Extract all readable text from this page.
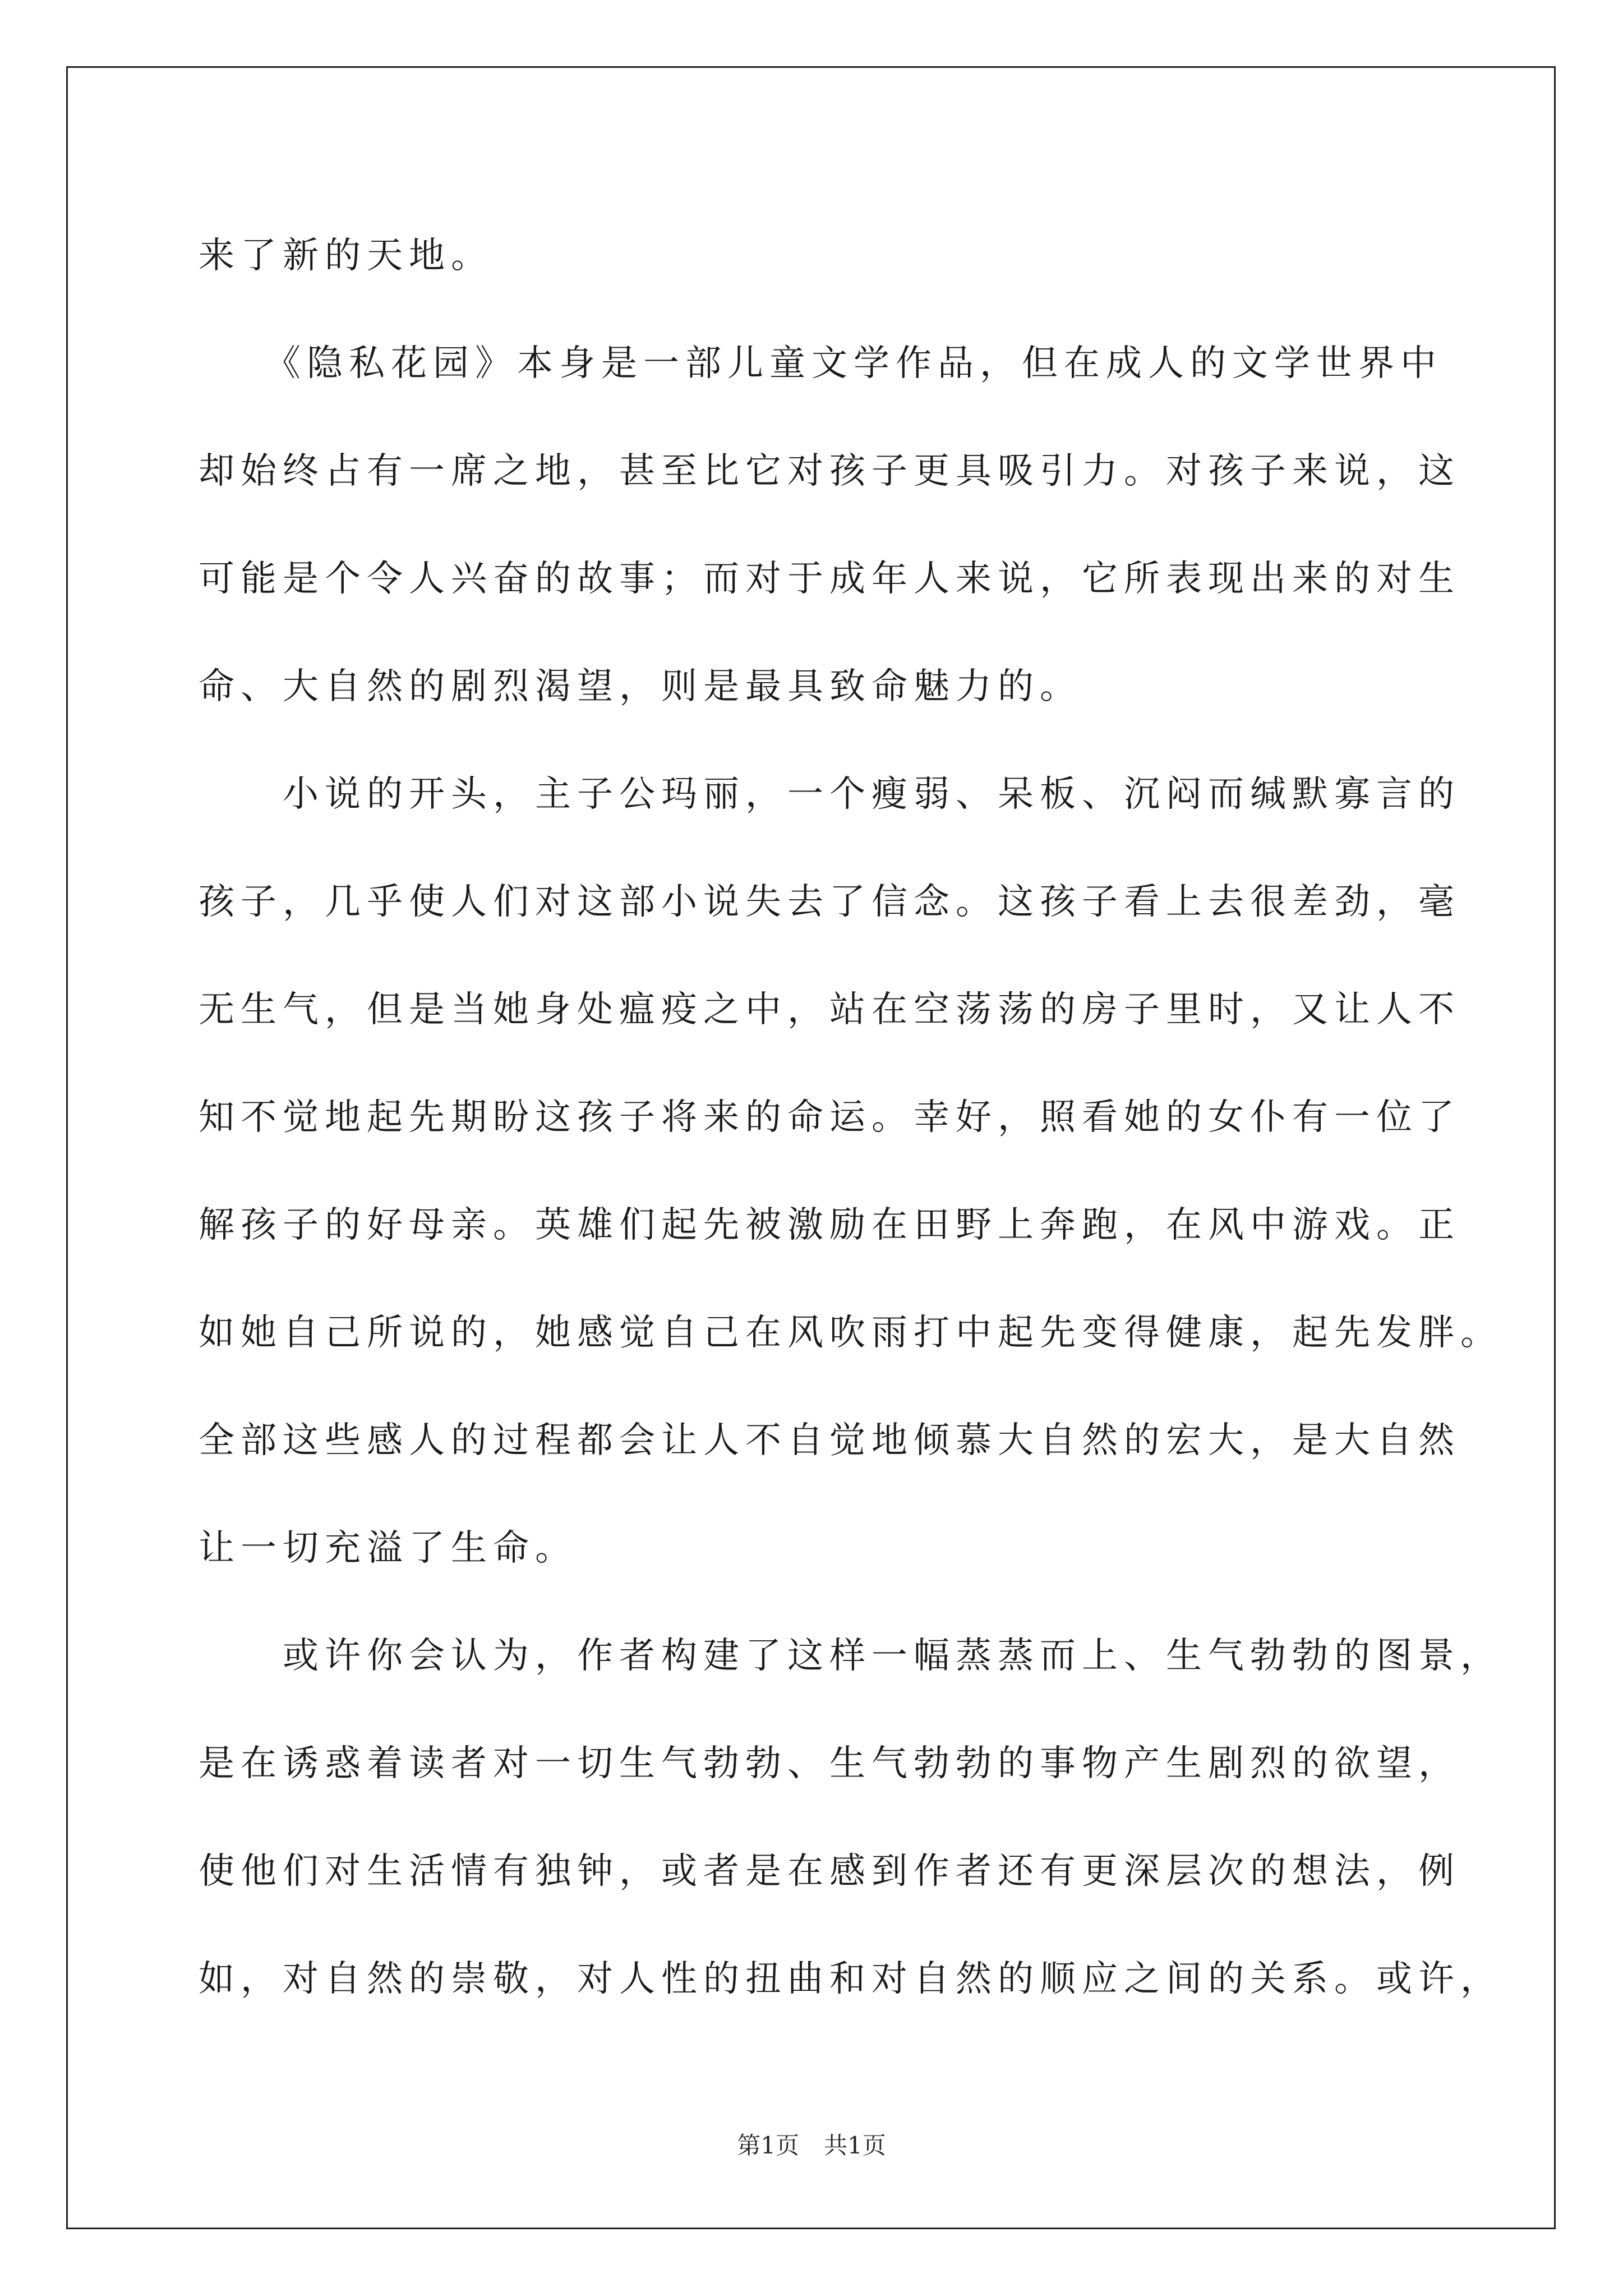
来了新的天地。
　　《隐私花园》本身是一部儿童文学作品，但在成人的文学世界中
却始终占有一席之地，甚至比它对孩子更具吸引力。对孩子来说，这
可能是个令人兴奋的故事；而对于成年人来说，它所表现出来的对生
命、大自然的剧烈渴望，则是最具致命魅力的。
　　小说的开头，主子公玛丽，一个瘦弱、呆板、沉闷而缄默寡言的
孩子，几乎使人们对这部小说失去了信念。这孩子看上去很差劲，毫
无生气，但是当她身处瘟疫之中，站在空荡荡的房子里时，又让人不
知不觉地起先期盼这孩子将来的命运。幸好，照看她的女仆有一位了
解孩子的好母亲。英雄们起先被激励在田野上奔跑，在风中游戏。正
如她自己所说的，她感觉自己在风吹雨打中起先变得健康，起先发胖。
全部这些感人的过程都会让人不自觉地倾慕大自然的宏大，是大自然
让一切充溢了生命。
　　或许你会认为，作者构建了这样一幅蒸蒸而上、生气勃勃的图景，
是在诱惑着读者对一切生气勃勃、生气勃勃的事物产生剧烈的欲望，
使他们对生活情有独钟，或者是在感到作者还有更深层次的想法，例
如，对自然的崇敬，对人性的扭曲和对自然的顺应之间的关系。或许，
第1页 共1页
